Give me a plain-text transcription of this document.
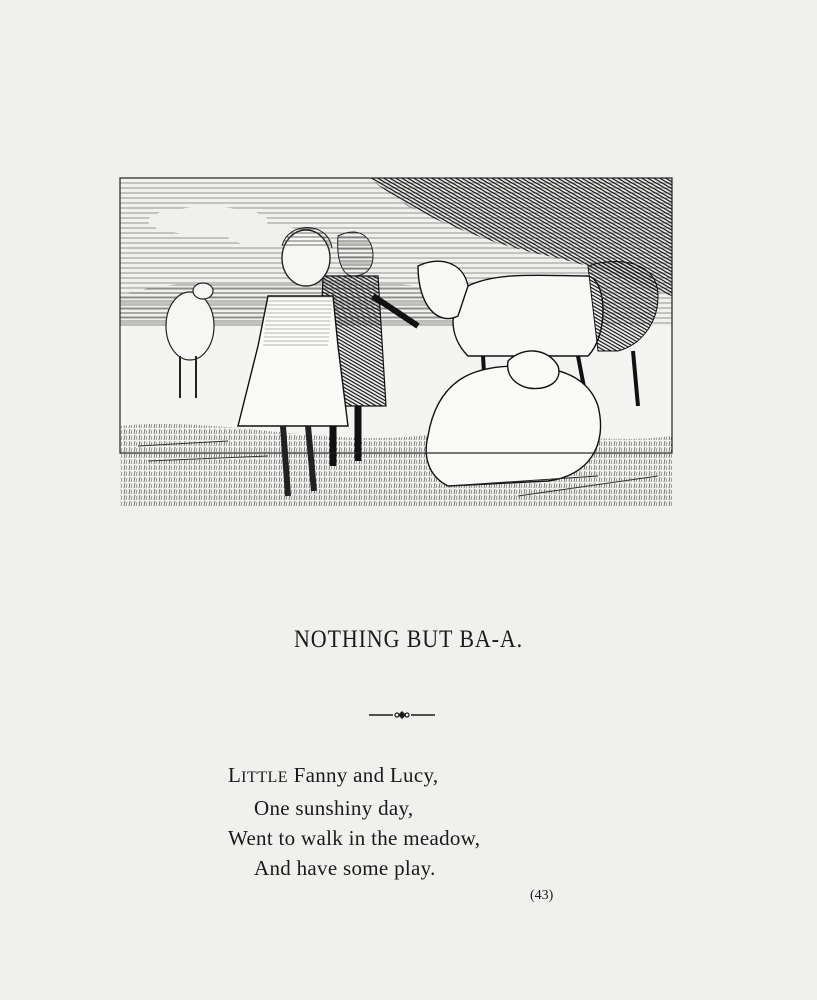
NOTHING BUT BA-A.
LITTLE Fanny and Lucy,
One sunshiny day,
Went to walk in the meadow,
And have some play.
(43)
